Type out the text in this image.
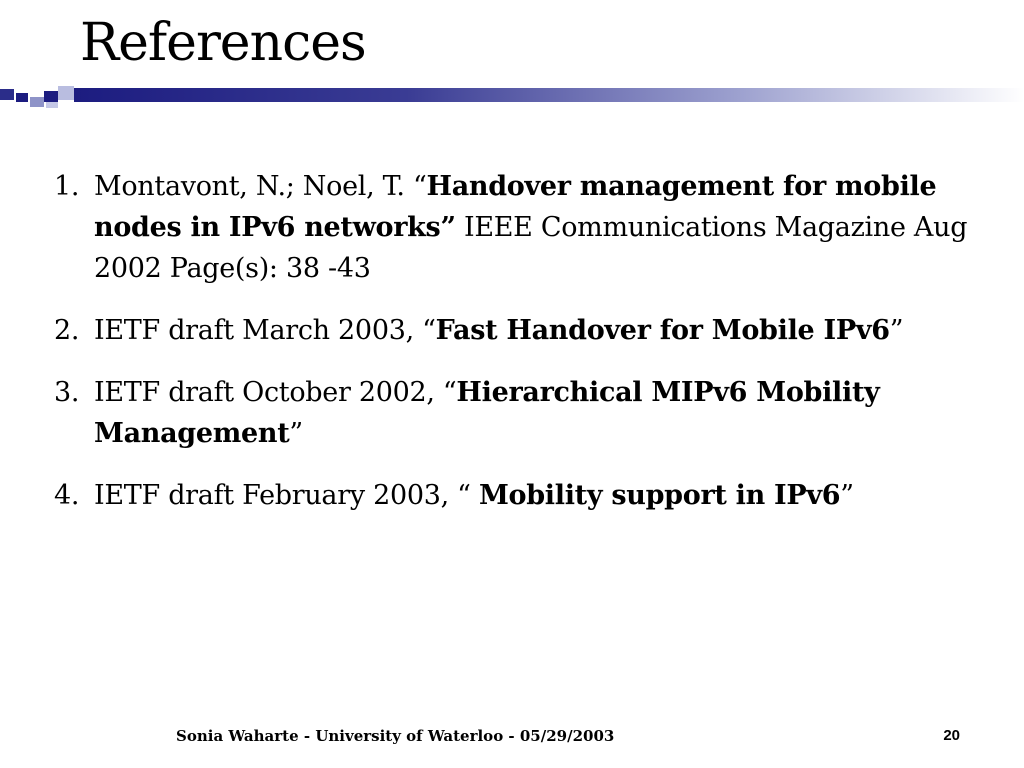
References
1. Montavont, N.; Noel, T. “Handover management for mobile nodes in IPv6 networks” IEEE Communications Magazine Aug 2002 Page(s): 38 -43
2. IETF draft March 2003, “Fast Handover for Mobile IPv6”
3. IETF draft October 2002, “Hierarchical MIPv6 Mobility Management”
4. IETF draft February 2003, “ Mobility support in IPv6”
Sonia Waharte - University of Waterloo - 05/29/2003	20
